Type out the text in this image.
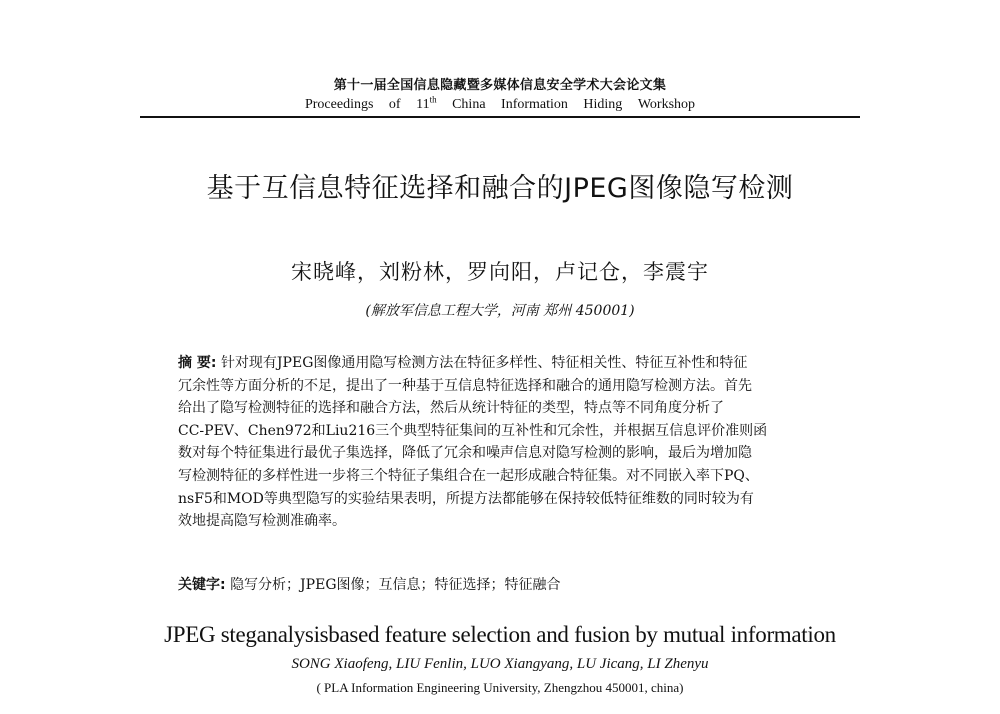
第十一届全国信息隐藏暨多媒体信息安全学术大会论文集
Proceedings of 11th China Information Hiding Workshop
基于互信息特征选择和融合的JPEG图像隐写检测
宋晓峰，刘粉林，罗向阳，卢记仓，李震宇
(解放军信息工程大学，河南 郑州 450001)

摘 要: 针对现有JPEG图像通用隐写检测方法在特征多样性、特征相关性、特征互补性和特征

冗余性等方面分析的不足，提出了一种基于互信息特征选择和融合的通用隐写检测方法。首先

给出了隐写检测特征的选择和融合方法，然后从统计特征的类型，特点等不同角度分析了

CC-PEV、Chen972和Liu216三个典型特征集间的互补性和冗余性，并根据互信息评价准则函

数对每个特征集进行最优子集选择，降低了冗余和噪声信息对隐写检测的影响，最后为增加隐

写检测特征的多样性进一步将三个特征子集组合在一起形成融合特征集。对不同嵌入率下PQ、

nsF5和MOD等典型隐写的实验结果表明，所提方法都能够在保持较低特征维数的同时较为有

效地提高隐写检测准确率。

关键字: 隐写分析；JPEG图像；互信息；特征选择；特征融合
JPEG steganalysisbased feature selection and fusion by mutual information
SONG Xiaofeng, LIU Fenlin, LUO Xiangyang, LU Jicang, LI Zhenyu
( PLA Information Engineering University, Zhengzhou 450001, china)
